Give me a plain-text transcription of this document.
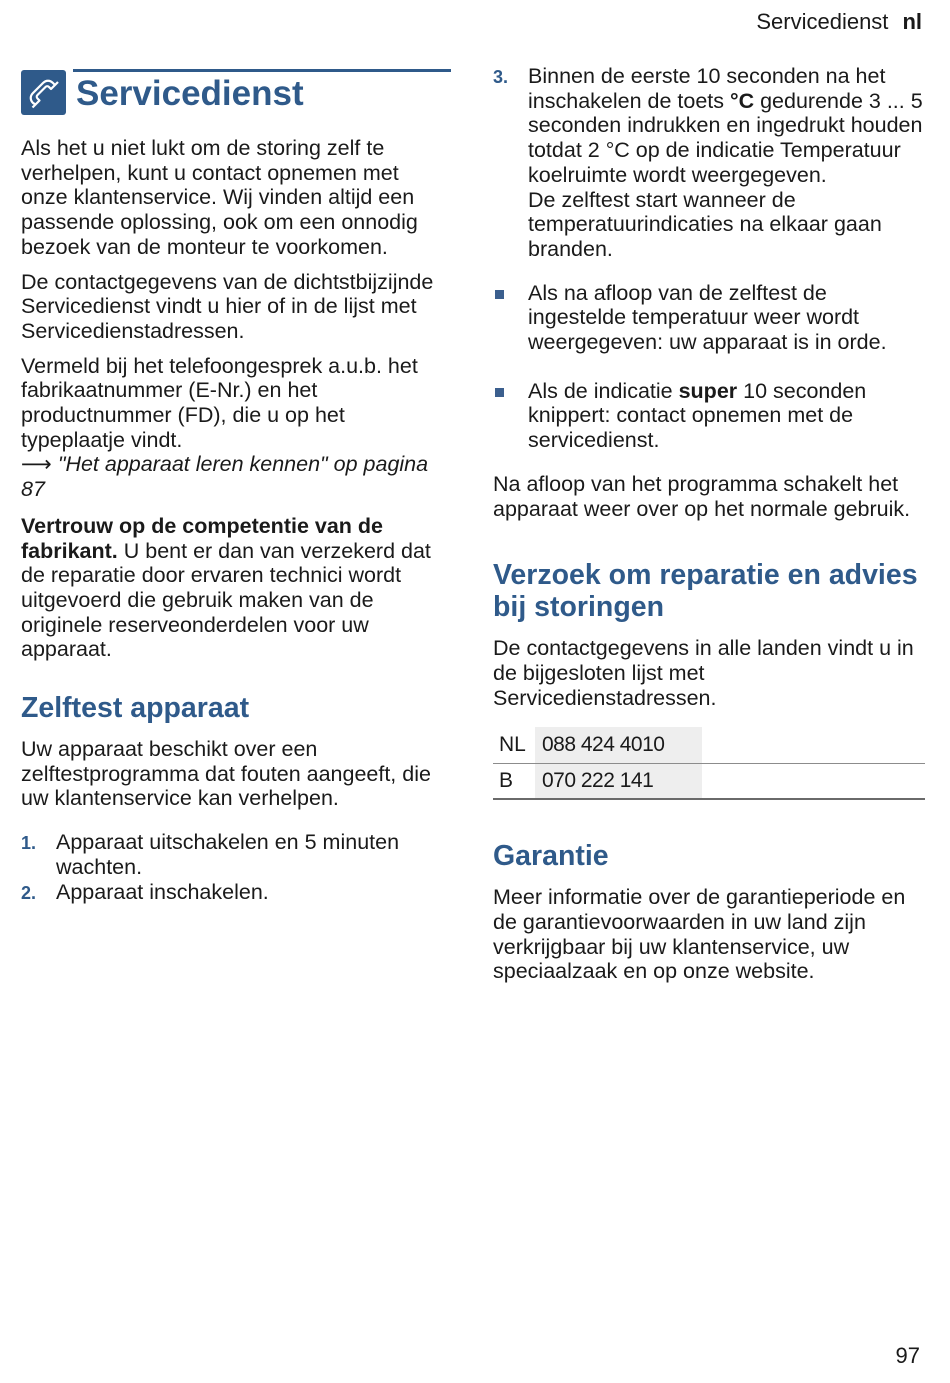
Servicedienst nl
Servicedienst

Als het u niet lukt om de storing zelf te verhelpen, kunt u contact opnemen met onze klantenservice. Wij vinden altijd een passende oplossing, ook om een onnodig bezoek van de monteur te voorkomen.

De contactgegevens van de dichtstbijzijnde Servicedienst vindt u hier of in de lijst met Servicedienstadressen.

Vermeld bij het telefoongesprek a.u.b. het fabrikaatnummer (E-Nr.) en het productnummer (FD), die u op het typeplaatje vindt.
⟶ "Het apparaat leren kennen" op pagina 87

Vertrouw op de competentie van de fabrikant. U bent er dan van verzekerd dat de reparatie door ervaren technici wordt uitgevoerd die gebruik maken van de originele reserveonderdelen voor uw apparaat.

Zelftest apparaat

Uw apparaat beschikt over een zelftestprogramma dat fouten aangeeft, die uw klantenservice kan verhelpen.

1. Apparaat uitschakelen en 5 minuten wachten.
2. Apparaat inschakelen.
3. Binnen de eerste 10 seconden na het inschakelen de toets °C gedurende 3 ... 5 seconden indrukken en ingedrukt houden totdat 2 °C op de indicatie Temperatuur koelruimte wordt weergegeven.
De zelftest start wanneer de temperatuurindicaties na elkaar gaan branden.
Als na afloop van de zelftest de ingestelde temperatuur weer wordt weergegeven: uw apparaat is in orde.
Als de indicatie super 10 seconden knippert: contact opnemen met de servicedienst.

Na afloop van het programma schakelt het apparaat weer over op het normale gebruik.

Verzoek om reparatie en advies bij storingen

De contactgegevens in alle landen vindt u in de bijgesloten lijst met Servicedienstadressen.

NL	088 424 4010	
B	070 222 141	
Garantie

Meer informatie over de garantieperiode en de garantievoorwaarden in uw land zijn verkrijgbaar bij uw klantenservice, uw speciaalzaak en op onze website.

97
